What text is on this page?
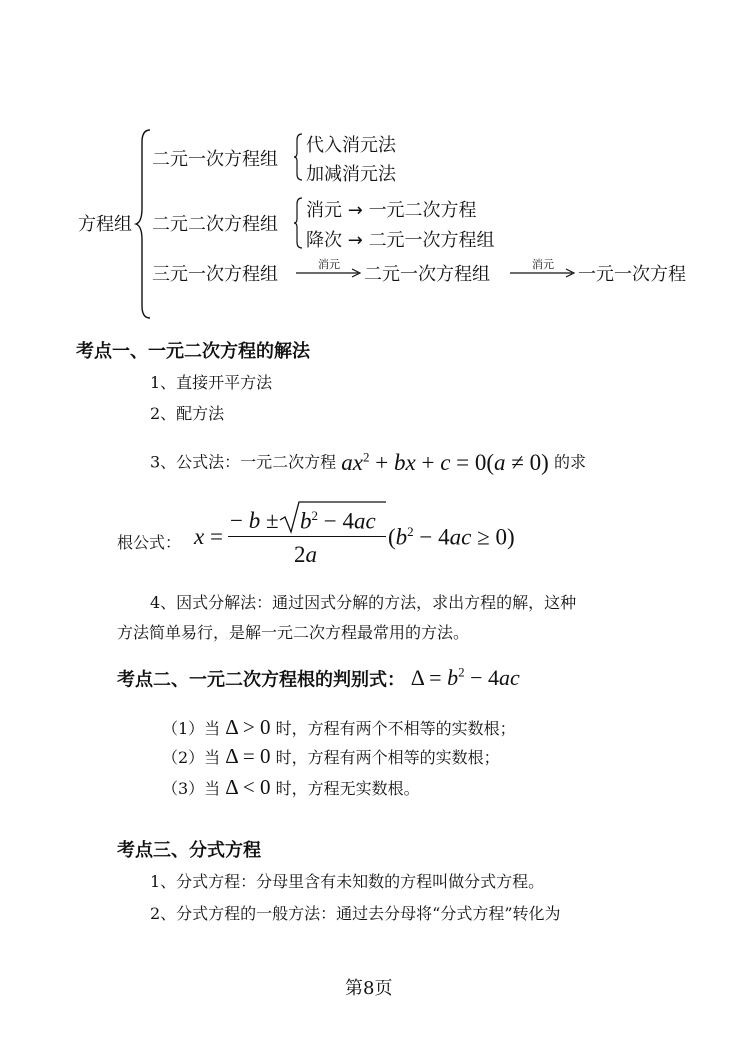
方程组
二元一次方程组
代入消元法
加减消元法
二元二次方程组
消元 → 一元二次方程
降次 → 二元一次方程组
三元一次方程组	消元 二元一次方程组	消元 一元一次方程
考点一、一元二次方程的解法
1、直接开平方法
2、配方法
3、公式法：一元二次方程 $ax^2$ + bx + c = 0(a ≠ 0) 的求
根公式： x =
− $b \pm b^2 - 4ac$
2a
$(b^2 - 4ac \ge 0)$
4、因式分解法：通过因式分解的方法，求出方程的解，这种
方法简单易行，是解一元二次方程最常用的方法。
考点二、一元二次方程根的判别式： $\Delta = b^2 - 4ac$
（1）当 Δ > 0 时，方程有两个不相等的实数根；
（2）当 Δ = 0 时，方程有两个相等的实数根；
（3）当 Δ < 0 时，方程无实数根。
考点三、分式方程
1、分式方程：分母里含有未知数的方程叫做分式方程。
2、分式方程的一般方法：通过去分母将“分式方程”转化为
第8页
